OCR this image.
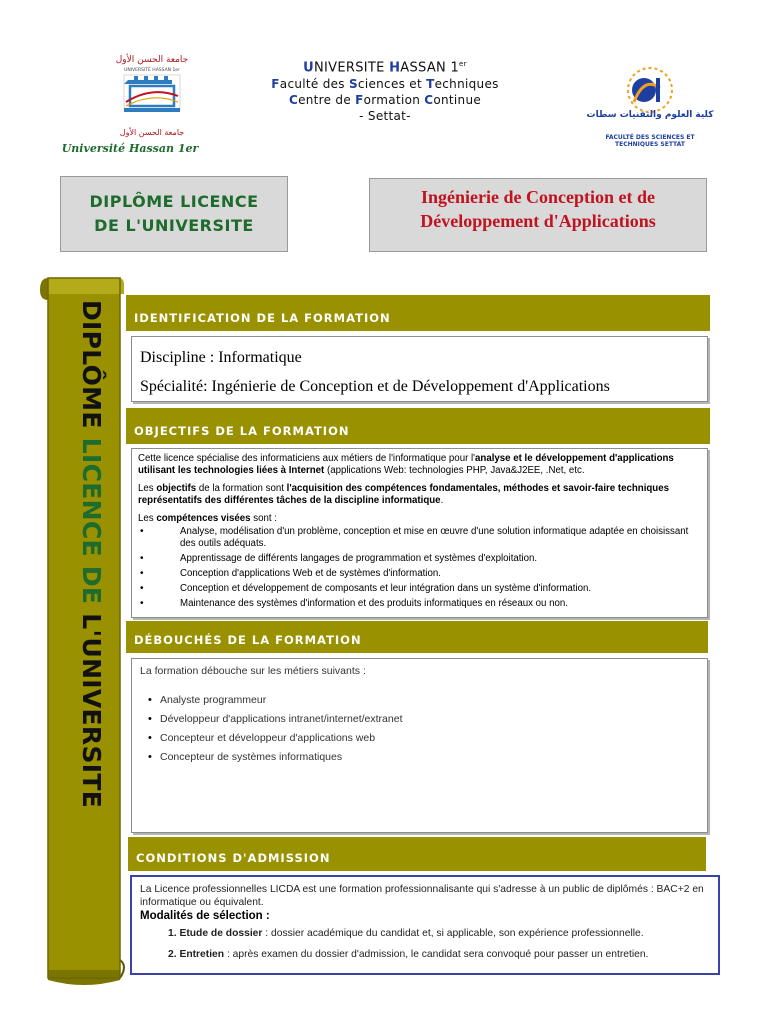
جامعة الحسن الأول
UNIVERSITÉ HASSAN 1er
جامعة الحسن الأول
Université Hassan 1er
UNIVERSITE HASSAN 1er
Faculté des Sciences et Techniques
Centre de Formation Continue
- Settat-	كلية العلوم والتقنيات سطات
FACULTÉ DES SCIENCES ET TECHNIQUES SETTAT
DIPLÔME LICENCE DE L'UNIVERSITE
Ingénierie de Conception et de Développement d'Applications
DIPLÔME LICENCE DE L'UNIVERSITE
IDENTIFICATION DE LA FORMATION
Discipline : Informatique
Spécialité: Ingénierie de Conception et de Développement d'Applications
OBJECTIFS DE LA FORMATION

Cette licence spécialise des informaticiens aux métiers de l'informatique pour l'analyse et le développement d'applications utilisant les technologies liées à Internet (applications Web: technologies PHP, Java&J2EE, .Net, etc.

Les objectifs de la formation sont l'acquisition des compétences fondamentales, méthodes et savoir-faire techniques représentatifs des différentes tâches de la discipline informatique.

Les compétences visées sont :

• Analyse, modélisation d'un problème, conception et mise en œuvre d'une solution informatique adaptée en choisissant des outils adéquats.
• Apprentissage de différents langages de programmation et systèmes d'exploitation.
• Conception d'applications Web et de systèmes d'information.
• Conception et développement de composants et leur intégration dans un système d'information.
• Maintenance des systèmes d'information et des produits informatiques en réseaux ou non.
DÉBOUCHÉS DE LA FORMATION
La formation débouche sur les métiers suivants :
• Analyste programmeur
• Développeur d'applications intranet/internet/extranet
• Concepteur et développeur d'applications web
• Concepteur de systèmes informatiques
CONDITIONS D'ADMISSION
La Licence professionnelles LICDA est une formation professionnalisante qui s'adresse à un public de diplômés : BAC+2 en informatique ou équivalent.
Modalités de sélection :
1. Etude de dossier : dossier académique du candidat et, si applicable, son expérience professionnelle.
2. Entretien : après examen du dossier d'admission, le candidat sera convoqué pour passer un entretien.
